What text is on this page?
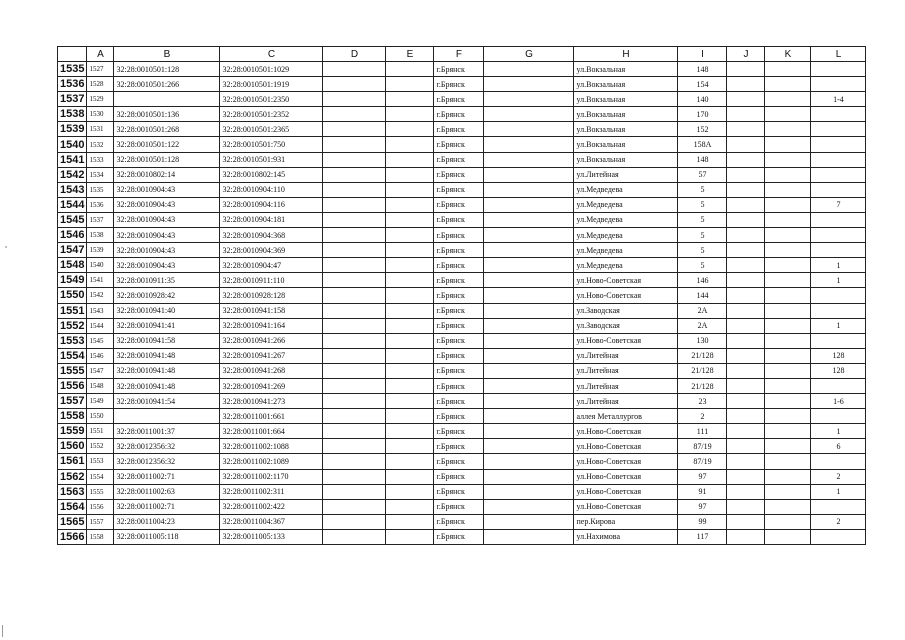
˒
	A	B	C	D	E	F	G	H	I	J	K	L
1535	1527	32:28:0010501:128	32:28:0010501:1029			г.Брянск		ул.Вокзальная	148			
1536	1528	32:28:0010501:266	32:28:0010501:1919			г.Брянск		ул.Вокзальная	154			
1537	1529		32:28:0010501:2350			г.Брянск		ул.Вокзальная	140			1-4
1538	1530	32:28:0010501:136	32:28:0010501:2352			г.Брянск		ул.Вокзальная	170			
1539	1531	32:28:0010501:268	32:28:0010501:2365			г.Брянск		ул.Вокзальная	152			
1540	1532	32:28:0010501:122	32:28:0010501:750			г.Брянск		ул.Вокзальная	158А			
1541	1533	32:28:0010501:128	32:28:0010501:931			г.Брянск		ул.Вокзальная	148			
1542	1534	32:28:0010802:14	32:28:0010802:145			г.Брянск		ул.Литейная	57			
1543	1535	32:28:0010904:43	32:28:0010904:110			г.Брянск		ул.Медведева	5			
1544	1536	32:28:0010904:43	32:28:0010904:116			г.Брянск		ул.Медведева	5			7
1545	1537	32:28:0010904:43	32:28:0010904:181			г.Брянск		ул.Медведева	5			
1546	1538	32:28:0010904:43	32:28:0010904:368			г.Брянск		ул.Медведева	5			
1547	1539	32:28:0010904:43	32:28:0010904:369			г.Брянск		ул.Медведева	5			
1548	1540	32:28:0010904:43	32:28:0010904:47			г.Брянск		ул.Медведева	5			1
1549	1541	32:28:0010911:35	32:28:0010911:110			г.Брянск		ул.Ново-Советская	146			1
1550	1542	32:28:0010928:42	32:28:0010928:128			г.Брянск		ул.Ново-Советская	144			
1551	1543	32:28:0010941:40	32:28:0010941:158			г.Брянск		ул.Заводская	2А			
1552	1544	32:28:0010941:41	32:28:0010941:164			г.Брянск		ул.Заводская	2А			1
1553	1545	32:28:0010941:58	32:28:0010941:266			г.Брянск		ул.Ново-Советская	130			
1554	1546	32:28:0010941:48	32:28:0010941:267			г.Брянск		ул.Литейная	21/128			128
1555	1547	32:28:0010941:48	32:28:0010941:268			г.Брянск		ул.Литейная	21/128			128
1556	1548	32:28:0010941:48	32:28:0010941:269			г.Брянск		ул.Литейная	21/128			
1557	1549	32:28:0010941:54	32:28:0010941:273			г.Брянск		ул.Литейная	23			1-6
1558	1550		32:28:0011001:661			г.Брянск		аллея Металлургов	2			
1559	1551	32:28:0011001:37	32:28:0011001:664			г.Брянск		ул.Ново-Советская	111			1
1560	1552	32:28:0012356:32	32:28:0011002:1088			г.Брянск		ул.Ново-Советская	87/19			6
1561	1553	32:28:0012356:32	32:28:0011002:1089			г.Брянск		ул.Ново-Советская	87/19			
1562	1554	32:28:0011002:71	32:28:0011002:1170			г.Брянск		ул.Ново-Советская	97			2
1563	1555	32:28:0011002:63	32:28:0011002:311			г.Брянск		ул.Ново-Советская	91			1
1564	1556	32:28:0011002:71	32:28:0011002:422			г.Брянск		ул.Ново-Советская	97			
1565	1557	32:28:0011004:23	32:28:0011004:367			г.Брянск		пер.Кирова	99			2
1566	1558	32:28:0011005:118	32:28:0011005:133			г.Брянск		ул.Нахимова	117			
